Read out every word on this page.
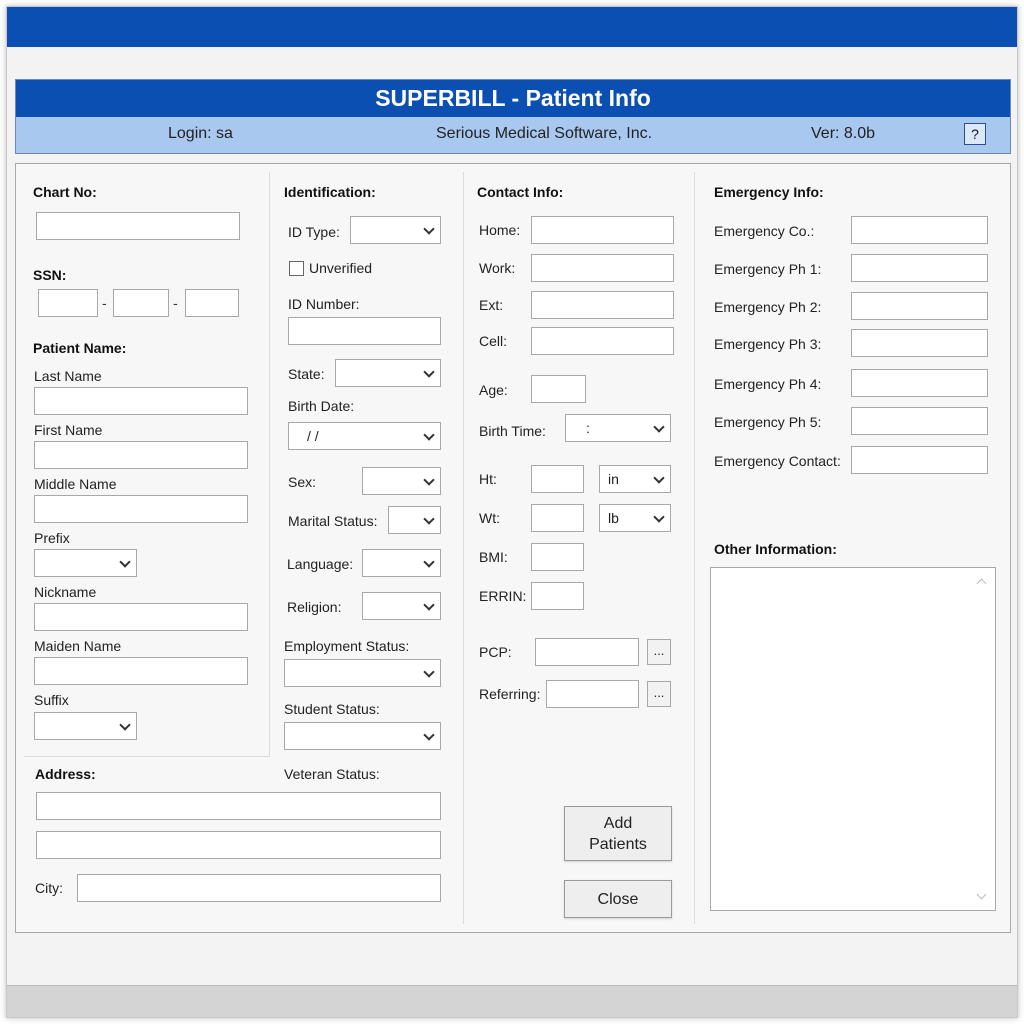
SUPERBILL - Patient Info
Login: sa	Serious Medical Software, Inc.	Ver: 8.0b	?
Chart No:
SSN:
-	-
Patient Name:
Last Name
First Name
Middle Name
Prefix
Nickname
Maiden Name
Suffix
Identification:
ID Type:
Unverified
ID Number:
State:
Birth Date:
/ /
Sex:
Marital Status:
Language:
Religion:
Employment Status:
Student Status:
Veteran Status:
Address:
City:
Contact Info:
Home:
Work:
Ext:
Cell:
Age:
Birth Time:	:
Ht:	in
Wt:	lb
BMI:
ERRIN:
PCP:	...
Referring:	...
Add Patients
Close
Emergency Info:
Emergency Co.:
Emergency Ph 1:
Emergency Ph 2:
Emergency Ph 3:
Emergency Ph 4:
Emergency Ph 5:
Emergency Contact:
Other Information:
